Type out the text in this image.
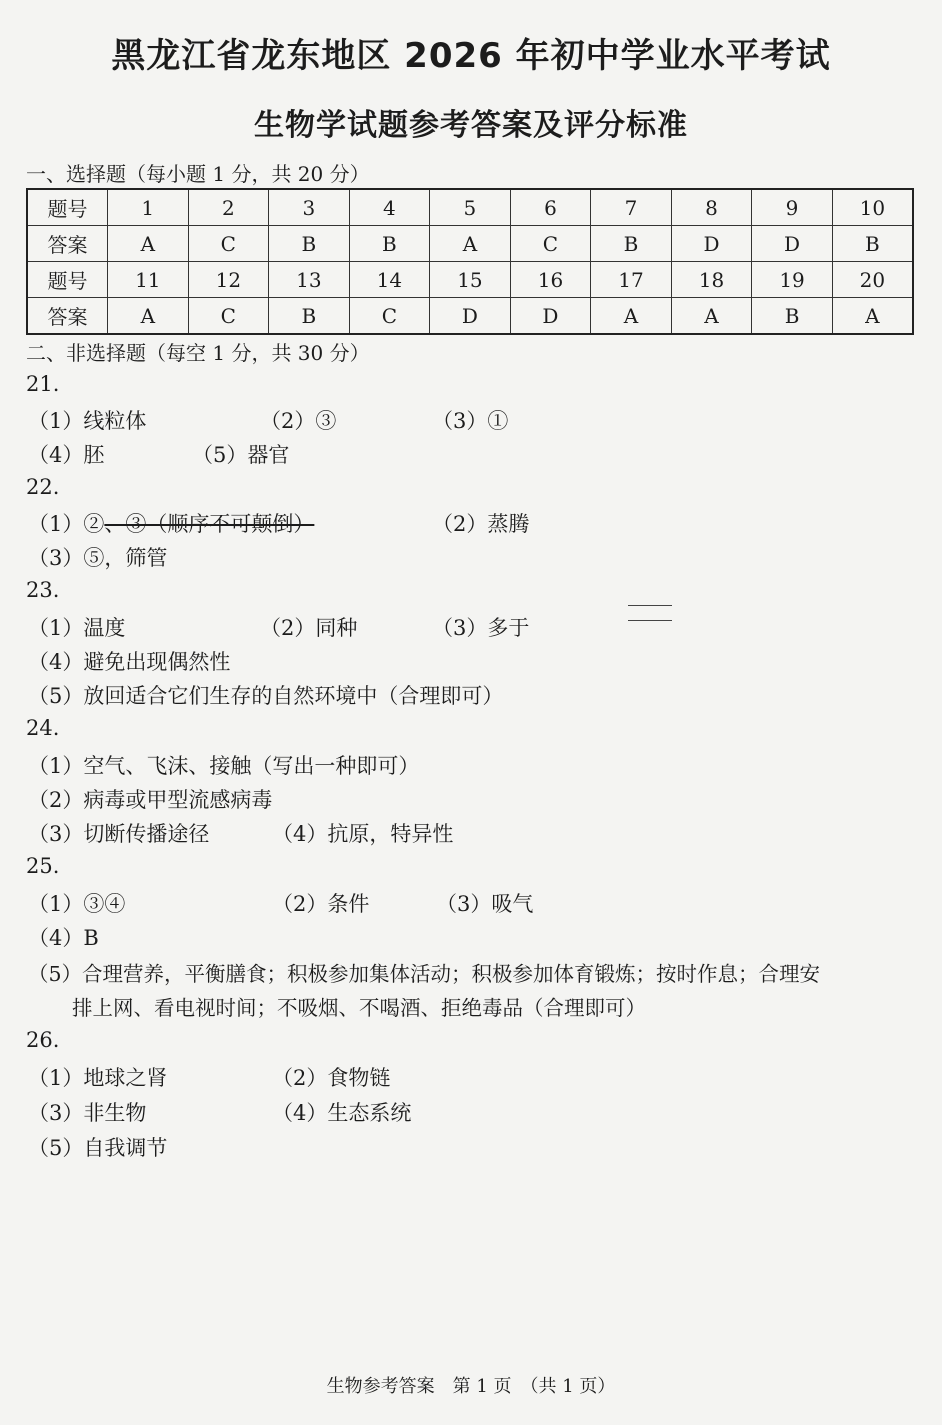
黑龙江省龙东地区 2026 年初中学业水平考试
生物学试题参考答案及评分标准
一、选择题（每小题 1 分，共 20 分）
题号	1	2	3	4	5	6	7	8	9	10
答案	A	C	B	B	A	C	B	D	D	B
题号	11	12	13	14	15	16	17	18	19	20
答案	A	C	B	C	D	D	A	A	B	A
二、非选择题（每空 1 分，共 30 分）
21.
（1）线粒体	（2）③	（3）①
（4）胚	（5）器官
22.
（1）②、③（顺序不可颠倒）	（2）蒸腾
（3）⑤，筛管
23.
（1）温度	（2）同种	（3）多于
（4）避免出现偶然性
（5）放回适合它们生存的自然环境中（合理即可）
24.
（1）空气、飞沫、接触（写出一种即可）
（2）病毒或甲型流感病毒
（3）切断传播途径	（4）抗原，特异性
25.
（1）③④	（2）条件	（3）吸气
（4）B
（5）合理营养，平衡膳食；积极参加集体活动；积极参加体育锻炼；按时作息；合理安
排上网、看电视时间；不吸烟、不喝酒、拒绝毒品（合理即可）
26.
（1）地球之肾	（2）食物链
（3）非生物	（4）生态系统
（5）自我调节
生物参考答案　第 1 页　（共 1 页）
